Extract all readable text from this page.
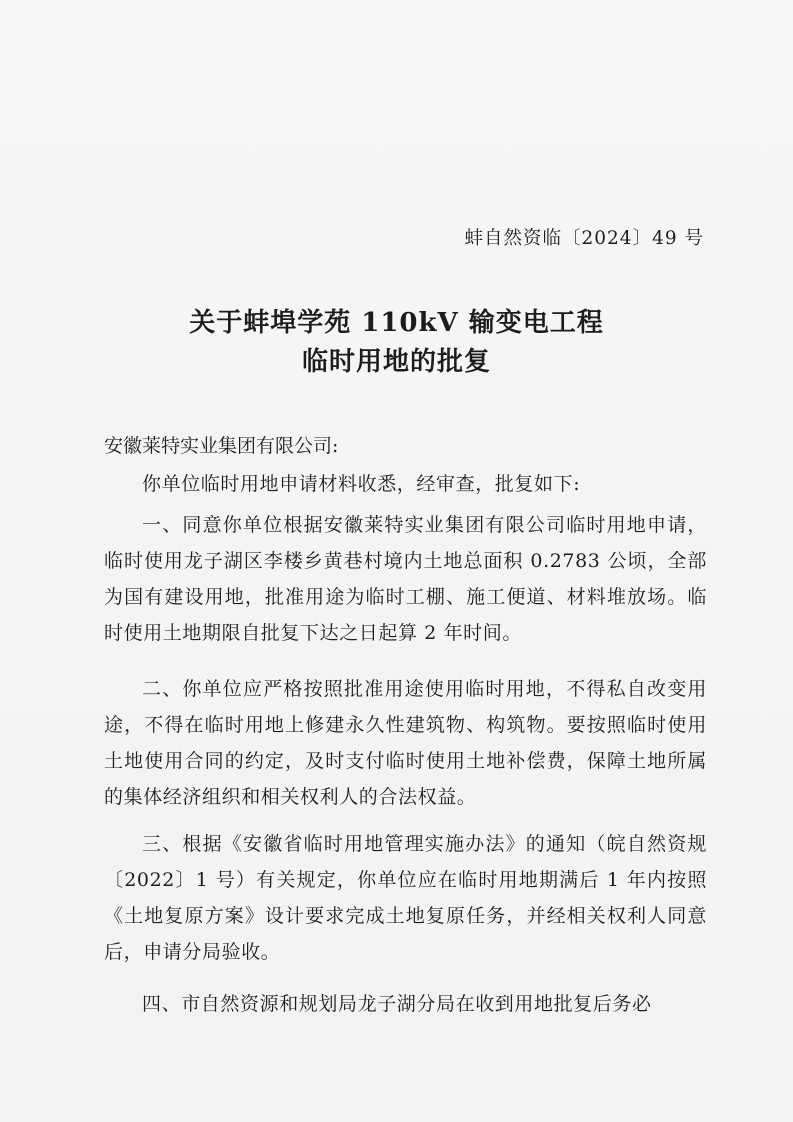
蚌自然资临〔2024〕49 号
关于蚌埠学苑 110kV 输变电工程
临时用地的批复
安徽莱特实业集团有限公司:

你单位临时用地申请材料收悉，经审查，批复如下:

一、同意你单位根据安徽莱特实业集团有限公司临时用地申请，临时使用龙子湖区李楼乡黄巷村境内土地总面积 0.2783 公顷，全部为国有建设用地，批准用途为临时工棚、施工便道、材料堆放场。临时使用土地期限自批复下达之日起算 2 年时间。

二、你单位应严格按照批准用途使用临时用地，不得私自改变用途，不得在临时用地上修建永久性建筑物、构筑物。要按照临时使用土地使用合同的约定，及时支付临时使用土地补偿费，保障土地所属的集体经济组织和相关权利人的合法权益。

三、根据《安徽省临时用地管理实施办法》的通知（皖自然资规〔2022〕1 号）有关规定，你单位应在临时用地期满后 1 年内按照《土地复原方案》设计要求完成土地复原任务，并经相关权利人同意后，申请分局验收。

四、市自然资源和规划局龙子湖分局在收到用地批复后务必
